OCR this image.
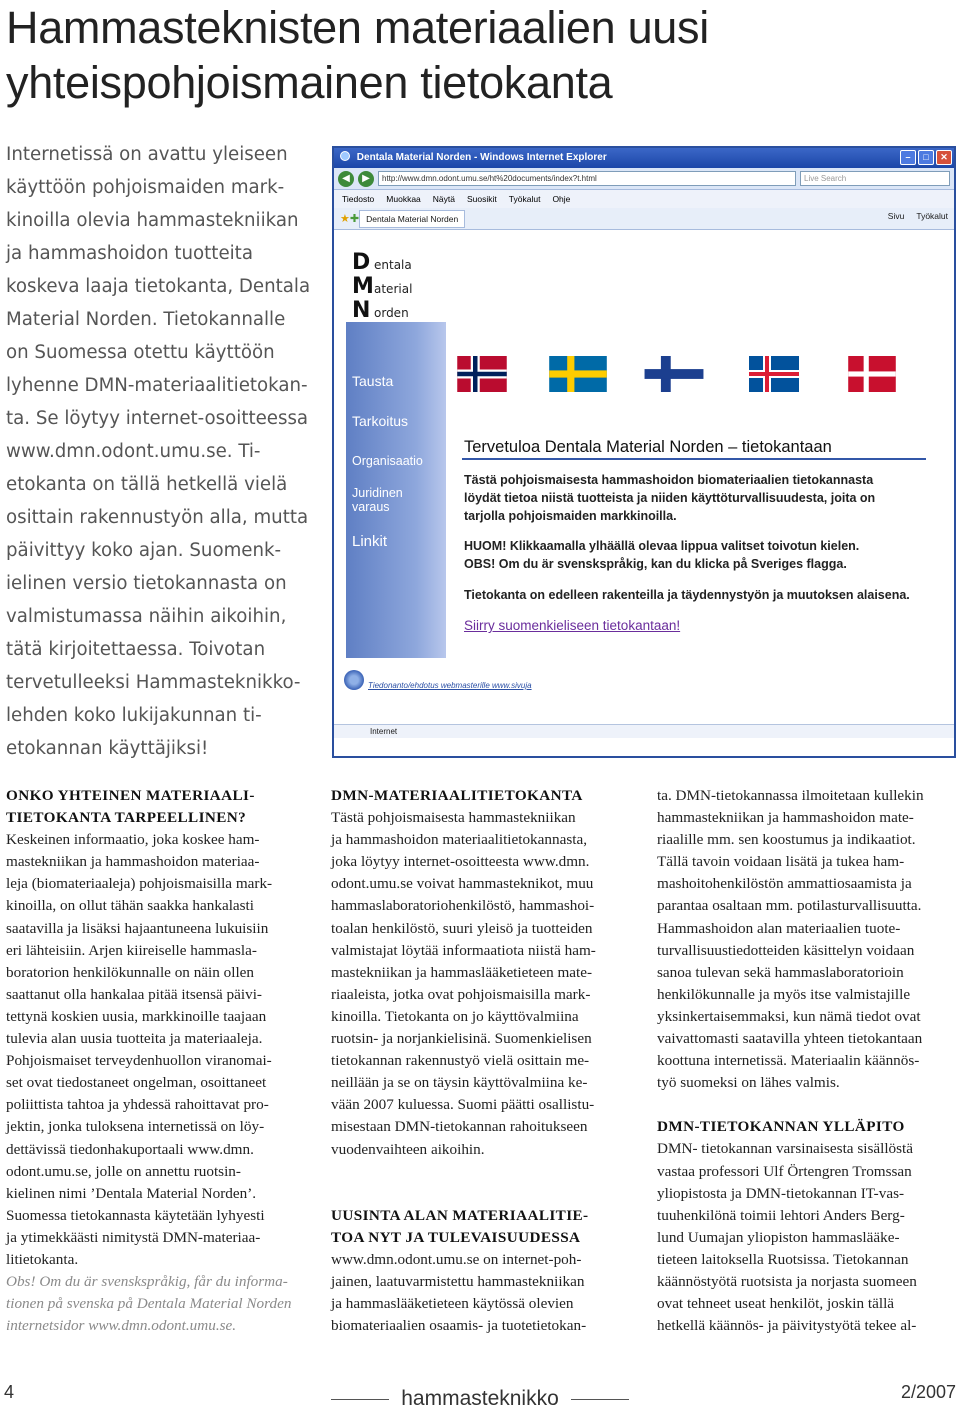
Hammasteknisten materiaalien uusi
yhteispohjoismainen tietokanta

Internetissä on avattu yleiseen

käyttöön pohjoismaiden mark-

kinoilla olevia hammastekniikan

ja hammashoidon tuotteita

koskeva laaja tietokanta, Dentala

Material Norden. Tietokannalle

on Suomessa otettu käyttöön

lyhenne DMN-materiaalitietokan-

ta. Se löytyy internet-osoitteessa

www.dmn.odont.umu.se. Ti-

etokanta on tällä hetkellä vielä

osittain rakennustyön alla, mutta

päivittyy koko ajan. Suomenk-

ielinen versio tietokannasta on

valmistumassa näihin aikoihin,

tätä kirjoitettaessa. Toivotan

tervetulleeksi Hammasteknikko-

lehden koko lukijakunnan ti-

etokannan käyttäjiksi!

Dentala Material Norden - Windows Internet Explorer	–	□	✕
◀	▶	http://www.dmn.odont.umu.se/ht%20documents/index?t.html	Live Search
Tiedosto Muokkaa Näytä Suosikit Työkalut Ohje
★ ✚ Dentala Material Norden	Sivu Työkalut
D entala
M aterial
N orden
Tausta
Tarkoitus
Organisaatio
Juridinen
varaus
Linkit
Tervetuloa Dentala Material Norden – tietokantaan
Tästä pohjoismaisesta hammashoidon biomateriaalien tietokannasta
löydät tietoa niistä tuotteista ja niiden käyttöturvallisuudesta, joita on
tarjolla pohjoismaiden markkinoilla.
HUOM! Klikkaamalla ylhäällä olevaa lippua valitset toivotun kielen.
OBS! Om du är svenskspråkig, kan du klicka på Sveriges flagga.
Tietokanta on edelleen rakenteilla ja täydennystyön ja muutoksen alaisena.
Siirry suomenkieliseen tietokantaan!
Tiedonanto/ehdotus webmasterille www.sivuja
Internet

ONKO YHTEINEN MATERIAALI-

TIETOKANTA TARPEELLINEN?

Keskeinen informaatio, joka koskee ham-

mastekniikan ja hammashoidon materiaa-

leja (biomateriaaleja) pohjoismaisilla mark-

kinoilla, on ollut tähän saakka hankalasti

saatavilla ja lisäksi hajaantuneena lukuisiin

eri lähteisiin. Arjen kiireiselle hammasla-

boratorion henkilökunnalle on näin ollen

saattanut olla hankalaa pitää itsensä päivi-

tettynä koskien uusia, markkinoille taajaan

tulevia alan uusia tuotteita ja materiaaleja.

Pohjoismaiset terveydenhuollon viranomai-

set ovat tiedostaneet ongelman, osoittaneet

poliittista tahtoa ja yhdessä rahoittavat pro-

jektin, jonka tuloksena internetissä on löy-

dettävissä tiedonhakuportaali www.dmn.

odont.umu.se, jolle on annettu ruotsin-

kielinen nimi ’Dentala Material Norden’.

Suomessa tietokannasta käytetään lyhyesti

ja ytimekkäästi nimitystä DMN-materiaa-

litietokanta.

Obs! Om du är svenskspråkig, får du informa-

tionen på svenska på Dentala Material Norden

internetsidor www.dmn.odont.umu.se.

DMN-MATERIAALITIETOKANTA

Tästä pohjoismaisesta hammastekniikan

ja hammashoidon materiaalitietokannasta,

joka löytyy internet-osoitteesta www.dmn.

odont.umu.se voivat hammasteknikot, muu

hammaslaboratoriohenkilöstö, hammashoi-

toalan henkilöstö, suuri yleisö ja tuotteiden

valmistajat löytää informaatiota niistä ham-

mastekniikan ja hammaslääketieteen mate-

riaaleista, jotka ovat pohjoismaisilla mark-

kinoilla. Tietokanta on jo käyttövalmiina

ruotsin- ja norjankielisinä. Suomenkielisen

tietokannan rakennustyö vielä osittain me-

neillään ja se on täysin käyttövalmiina ke-

vään 2007 kuluessa. Suomi päätti osallistu-

misestaan DMN-tietokannan rahoitukseen

vuodenvaihteen aikoihin.

UUSINTA ALAN MATERIAALITIE-

TOA NYT JA TULEVAISUUDESSA

www.dmn.odont.umu.se on internet-poh-

jainen, laatuvarmistettu hammastekniikan

ja hammaslääketieteen käytössä olevien

biomateriaalien osaamis- ja tuotetietokan-

ta. DMN-tietokannassa ilmoitetaan kullekin

hammastekniikan ja hammashoidon mate-

riaalille mm. sen koostumus ja indikaatiot.

Tällä tavoin voidaan lisätä ja tukea ham-

mashoitohenkilöstön ammattiosaamista ja

parantaa osaltaan mm. potilasturvallisuutta.

Hammashoidon alan materiaalien tuote-

turvallisuustiedotteiden käsittelyn voidaan

sanoa tulevan sekä hammaslaboratorioin

henkilökunnalle ja myös itse valmistajille

yksinkertaisemmaksi, kun nämä tiedot ovat

vaivattomasti saatavilla yhteen tietokantaan

koottuna internetissä. Materiaalin käännös-

työ suomeksi on lähes valmis.

DMN-TIETOKANNAN YLLÄPITO

DMN- tietokannan varsinaisesta sisällöstä

vastaa professori Ulf Örtengren Tromssan

yliopistosta ja DMN-tietokannan IT-vas-

tuuhenkilönä toimii lehtori Anders Berg-

lund Uumajan yliopiston hammaslääke-

tieteen laitoksella Ruotsissa. Tietokannan

käännöstyötä ruotsista ja norjasta suomeen

ovat tehneet useat henkilöt, joskin tällä

hetkellä käännös- ja päivitystyötä tekee al-

4	hammasteknikko	2/2007
